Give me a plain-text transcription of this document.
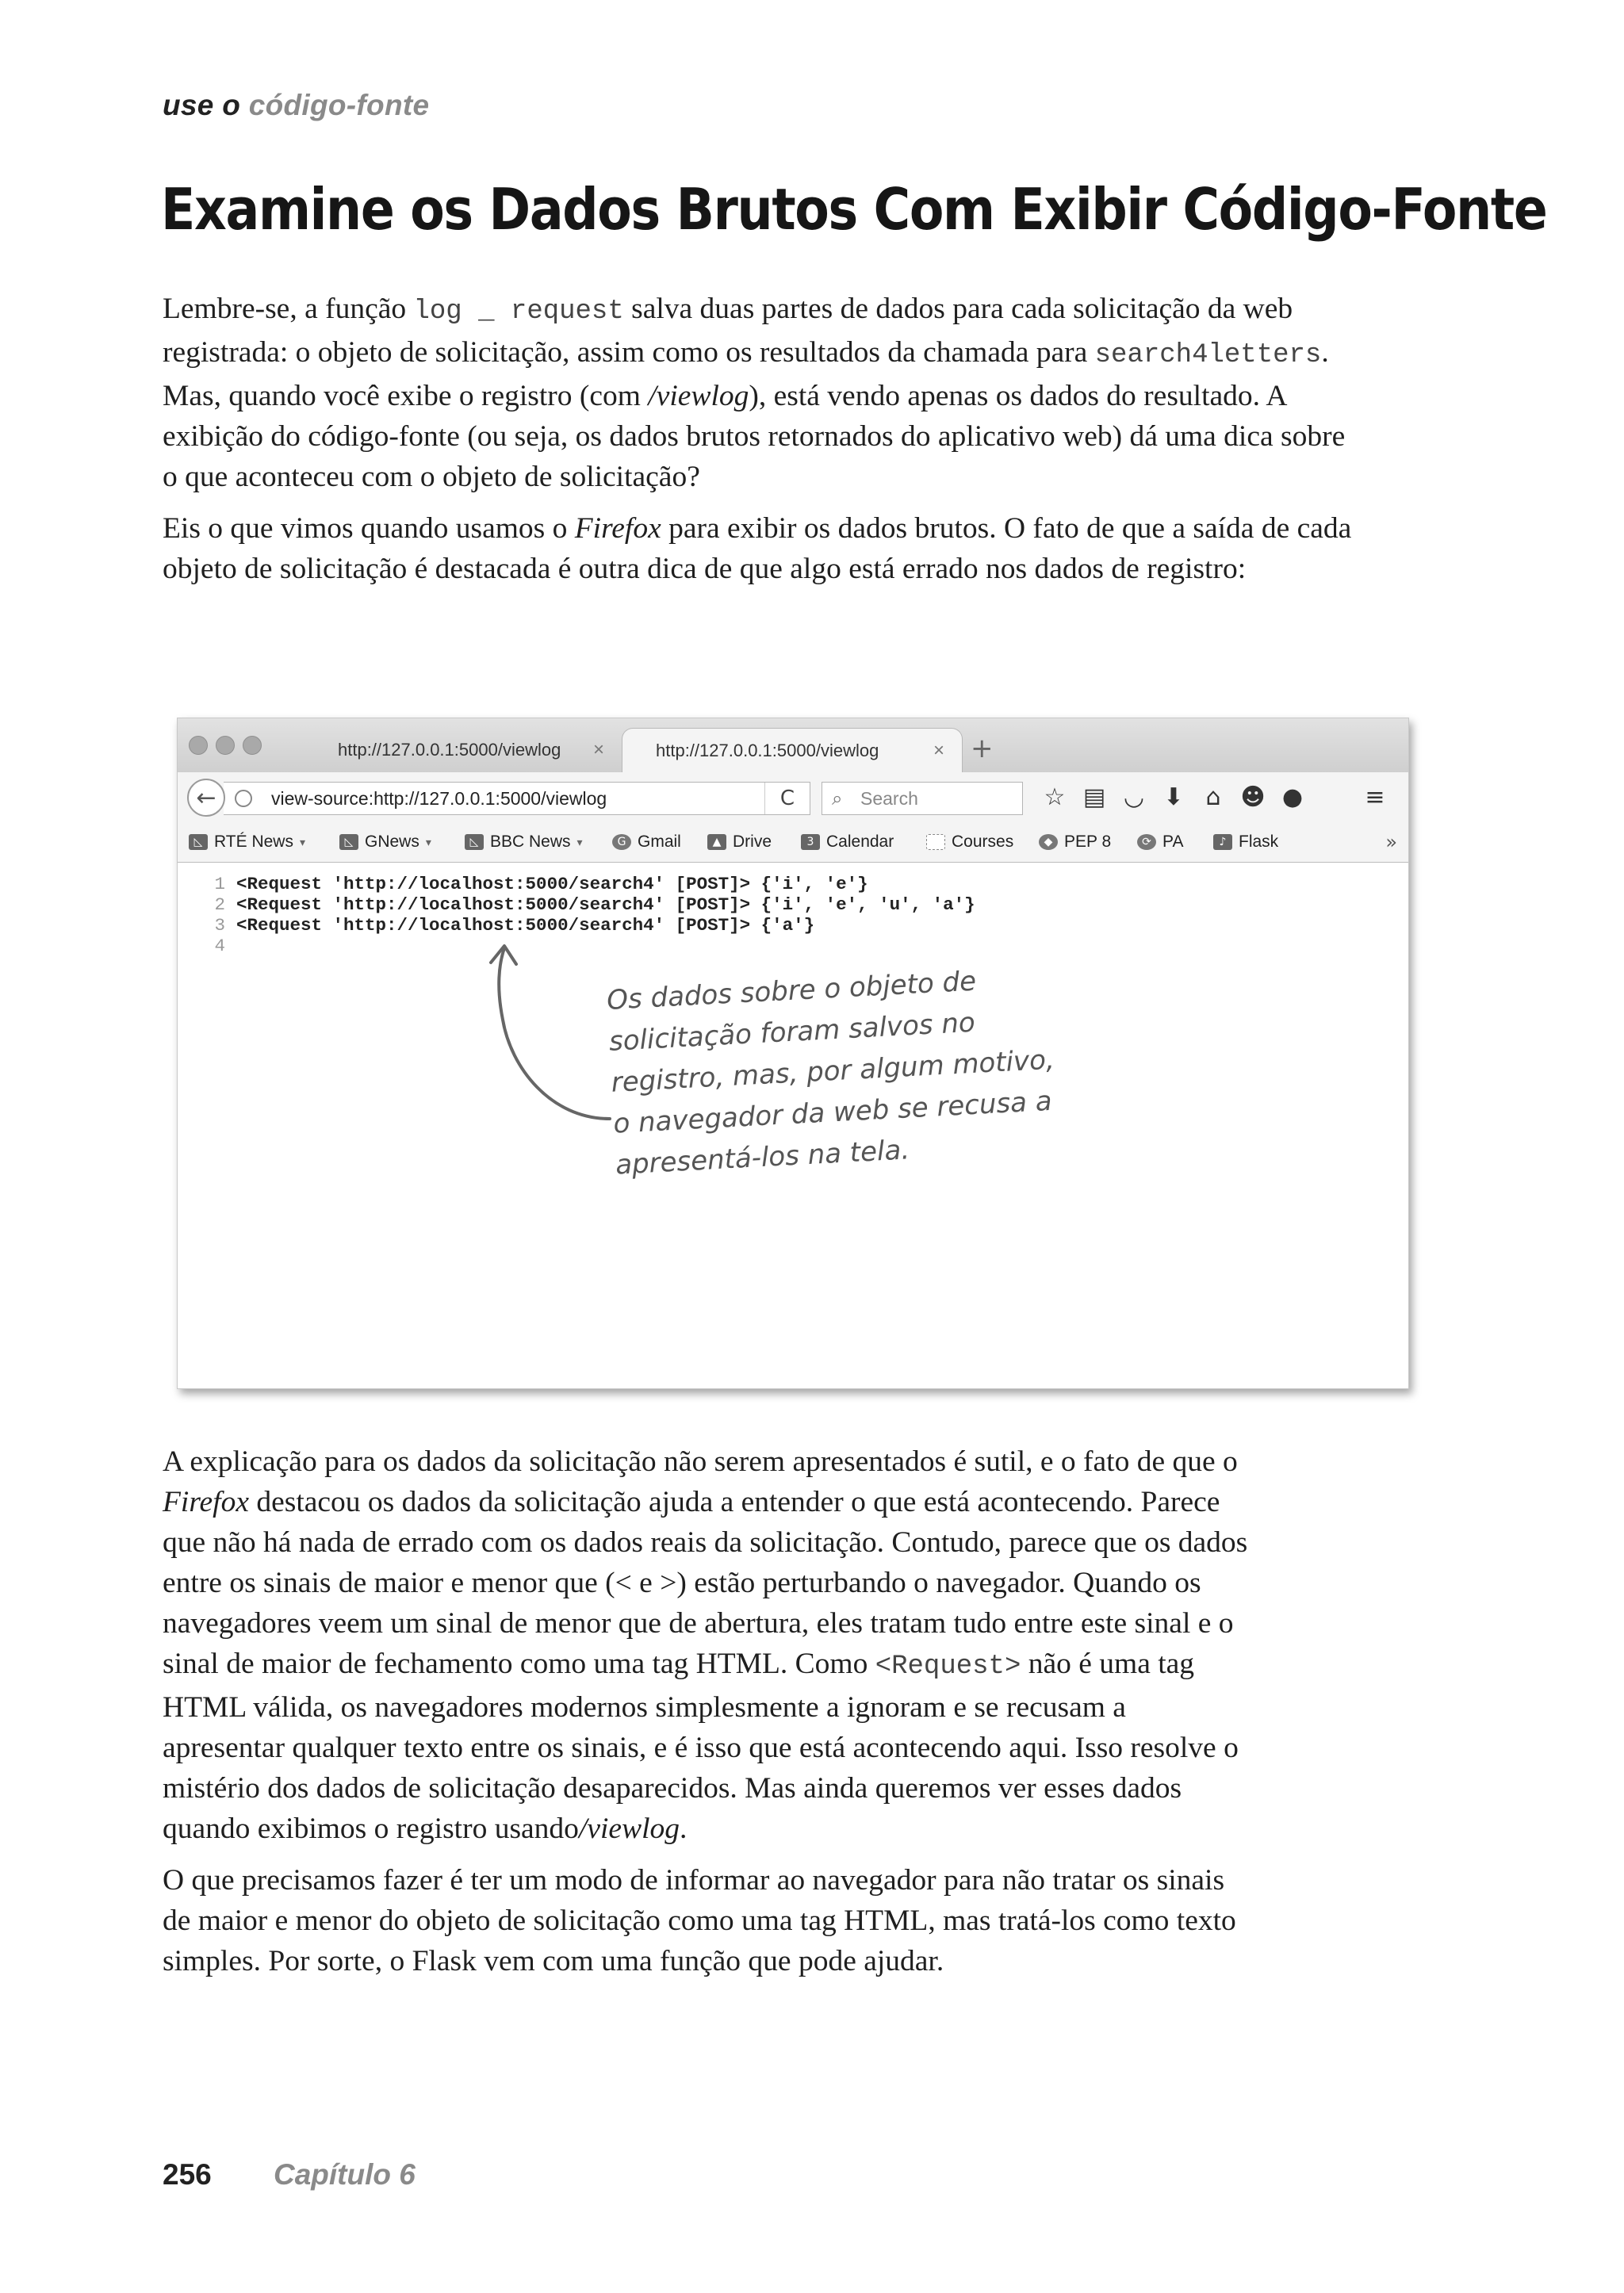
use o código-fonte
Examine os Dados Brutos Com Exibir Código-Fonte

Lembre-se, a função log _ request salva duas partes de dados para cada solicitação da web registrada: o objeto de solicitação, assim como os resultados da chamada para search4letters. Mas, quando você exibe o registro (com /viewlog), está vendo apenas os dados do resultado. A exibição do código-fonte (ou seja, os dados brutos retornados do aplicativo web) dá uma dica sobre o que aconteceu com o objeto de solicitação?

Eis o que vimos quando usamos o Firefox para exibir os dados brutos. O fato de que a saída de cada objeto de solicitação é destacada é outra dica de que algo está errado nos dados de registro:

http://127.0.0.1:5000/viewlog ×	http://127.0.0.1:5000/viewlog	× +
view-source:http://127.0.0.1:5000/viewlog	C
←	⌕ Search	☆ ▤ ◡ ⬇ ⌂ ☻ ●	≡
◺ RTÉ News ▾	◺ GNews ▾	◺ BBC News ▾	G Gmail	▲ Drive	3 Calendar	Courses	◆ PEP 8	⟳ PA	♪ Flask	»
1 <Request 'http://localhost:5000/search4' [POST]> {'i', 'e'}
2 <Request 'http://localhost:5000/search4' [POST]> {'i', 'e', 'u', 'a'}
3 <Request 'http://localhost:5000/search4' [POST]> {'a'}
4
Os dados sobre o objeto de
solicitação foram salvos no
registro, mas, por algum motivo,
o navegador da web se recusa a
apresentá-los na tela.

A explicação para os dados da solicitação não serem apresentados é sutil, e o fato de que o Firefox destacou os dados da solicitação ajuda a entender o que está acontecendo. Parece que não há nada de errado com os dados reais da solicitação. Contudo, parece que os dados entre os sinais de maior e menor que (< e >) estão perturbando o navegador. Quando os navegadores veem um sinal de menor que de abertura, eles tratam tudo entre este sinal e o sinal de maior de fechamento como uma tag HTML. Como <Request> não é uma tag HTML válida, os navegadores modernos simplesmente a ignoram e se recusam a apresentar qualquer texto entre os sinais, e é isso que está acontecendo aqui. Isso resolve o mistério dos dados de solicitação desaparecidos. Mas ainda queremos ver esses dados quando exibimos o registro usando/viewlog.

O que precisamos fazer é ter um modo de informar ao navegador para não tratar os sinais de maior e menor do objeto de solicitação como uma tag HTML, mas tratá-los como texto simples. Por sorte, o Flask vem com uma função que pode ajudar.

256 Capítulo 6
